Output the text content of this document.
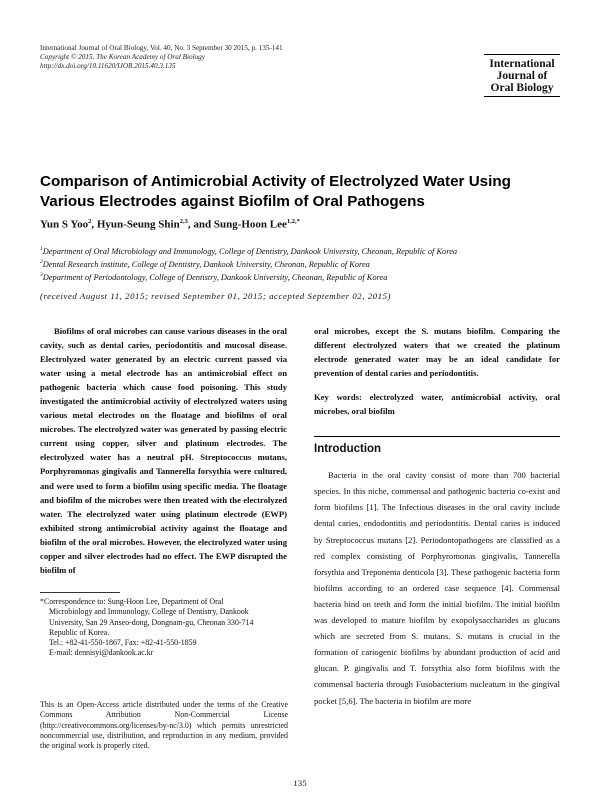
International Journal of Oral Biology, Vol. 40, No. 3 September 30 2015, p. 135-141
Copyright © 2015, The Korean Academy of Oral Biology
http://dx.doi.org/10.11620/IJOB.2015.40.3.135	International
Journal of
Oral Biology
Comparison of Antimicrobial Activity of Electrolyzed Water Using Various Electrodes against Biofilm of Oral Pathogens
Yun S Yoo$^2$, Hyun-Seung Shin$^{2,3}$, and Sung-Hoon Lee$^{1,2,*}$
$^1$Department of Oral Microbiology and Immunology, College of Dentistry, Dankook University, Cheonan, Republic of Korea
$^2$Dental Research institute, College of Dentistry, Dankook University, Cheonan, Republic of Korea
$^3$Department of Periodontology, College of Dentistry, Dankook University, Cheonan, Republic of Korea
(received August 11, 2015; revised September 01, 2015; accepted September 02, 2015)

Biofilms of oral microbes can cause various diseases in the oral cavity, such as dental caries, periodontitis and mucosal disease. Electrolyzed water generated by an electric current passed via water using a metal electrode has an antimicrobial effect on pathogenic bacteria which cause food poisoning. This study investigated the antimicrobial activity of electrolyzed waters using various metal electrodes on the floatage and biofilms of oral microbes. The electrolyzed water was generated by passing electric current using copper, silver and platinum electrodes. The electrolyzed water has a neutral pH. Streptococcus mutans, Porphyromonas gingivalis and Tannerella forsythia were cultured, and were used to form a biofilm using specific media. The floatage and biofilm of the microbes were then treated with the electrolyzed water. The electrolyzed water using platinum electrode (EWP) exhibited strong antimicrobial activity against the floatage and biofilm of the oral microbes. However, the electrolyzed water using copper and silver electrodes had no effect. The EWP disrupted the biofilm of

*Correspondence to: Sung-Hoon Lee, Department of Oral
Microbiology and Immunology, College of Dentistry, Dankook
University, San 29 Anseo-dong, Dongnam-gu, Cheonan 330-714
Republic of Korea.
Tel.: +82-41-550-1867, Fax: +82-41-550-1859
E-mail: dennisyi@dankook.ac.kr
This is an Open-Access article distributed under the terms of the Creative Commons Attribution Non-Commercial License (http://creativecommons.org/licenses/by-nc/3.0) which permits unrestricted noncommercial use, distribution, and reproduction in any medium, provided the original work is properly cited.

oral microbes, except the S. mutans biofilm. Comparing the different electrolyzed waters that we created the platinum electrode generated water may be an ideal candidate for prevention of dental caries and periodontitis.

Key words: electrolyzed water, antimicrobial activity, oral microbes, oral biofilm
Introduction

Bacteria in the oral cavity consist of more than 700 bacterial species. In this niche, commensal and pathogenic bacteria co-exist and form biofilms [1]. The Infectious diseases in the oral cavity include dental caries, endodontitis and periodontitis. Dental caries is induced by Streptococcus mutans [2]. Periodontopathogens are classified as a red complex consisting of Porphyromonas gingivalis, Tannerella forsythia and Treponema denticola [3]. These pathogenic bacteria form biofilms according to an ordered case sequence [4]. Commensal bacteria bind on teeth and form the initial biofilm. The initial biofilm was developed to mature biofilm by exopolysaccharides as glucans which are secreted from S. mutans. S. mutans is crucial in the formation of cariogenic biofilms by abundant production of acid and glucan. P. gingivalis and T. forsythia also form biofilms with the commensal bacteria through Fusobacterium nucleatum in the gingival pocket [5,6]. The bacteria in biofilm are more

135
